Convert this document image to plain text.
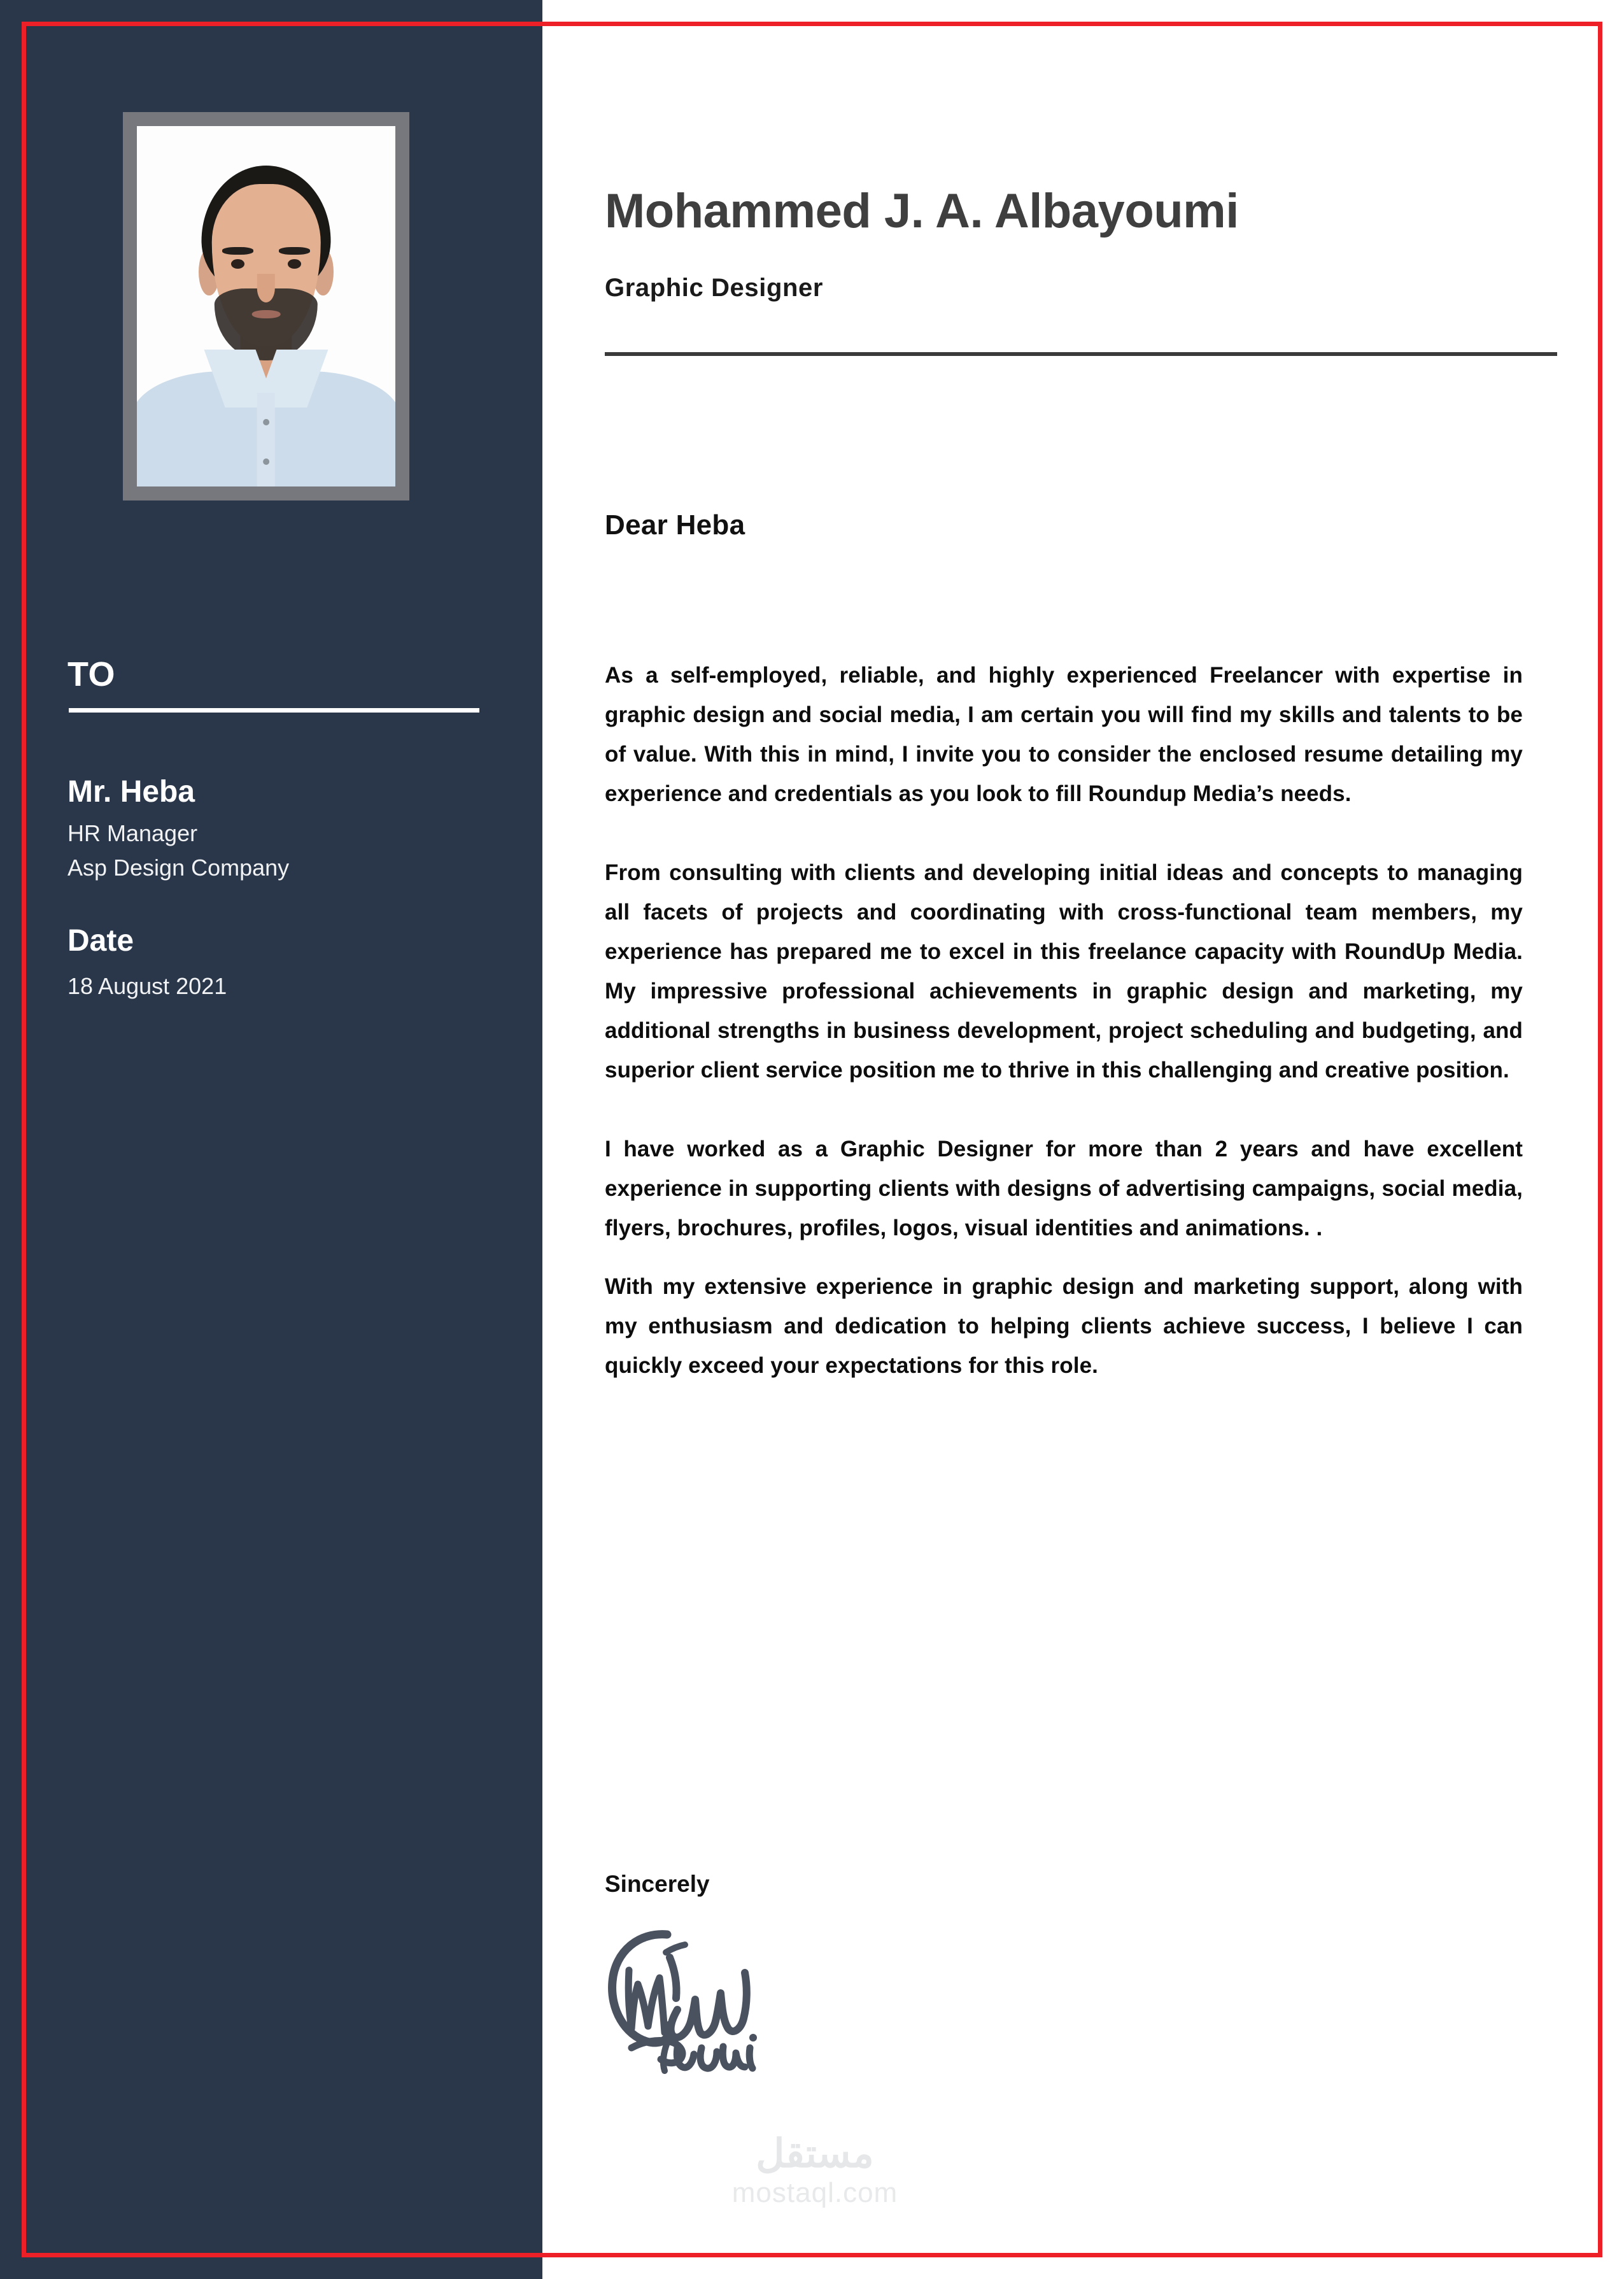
TO
Mr. Heba
HR Manager
Asp Design Company
Date
18 August 2021
Mohammed J. A. Albayoumi
Graphic Designer
Dear Heba

As a self-employed, reliable, and highly experienced Freelancer with expertise in graphic design and social media, I am certain you will find my skills and talents to be of value. With this in mind, I invite you to consider the enclosed resume detailing my experience and credentials as you look to fill Roundup Media’s needs.

From consulting with clients and developing initial ideas and concepts to managing all facets of projects and coordinating with cross-functional team members, my experience has prepared me to excel in this freelance capacity with RoundUp Media. My impressive professional achievements in graphic design and marketing, my additional strengths in business development, project scheduling and budgeting, and superior client service position me to thrive in this challenging and creative position.

I have worked as a Graphic Designer for more than 2 years and have excellent experience in supporting clients with designs of advertising campaigns, social media, flyers, brochures, profiles, logos, visual identities and animations. .

With my extensive experience in graphic design and marketing support, along with my enthusiasm and dedication to helping clients achieve success, I believe I can quickly exceed your expectations for this role.

Sincerely
مستقل
mostaql.com
